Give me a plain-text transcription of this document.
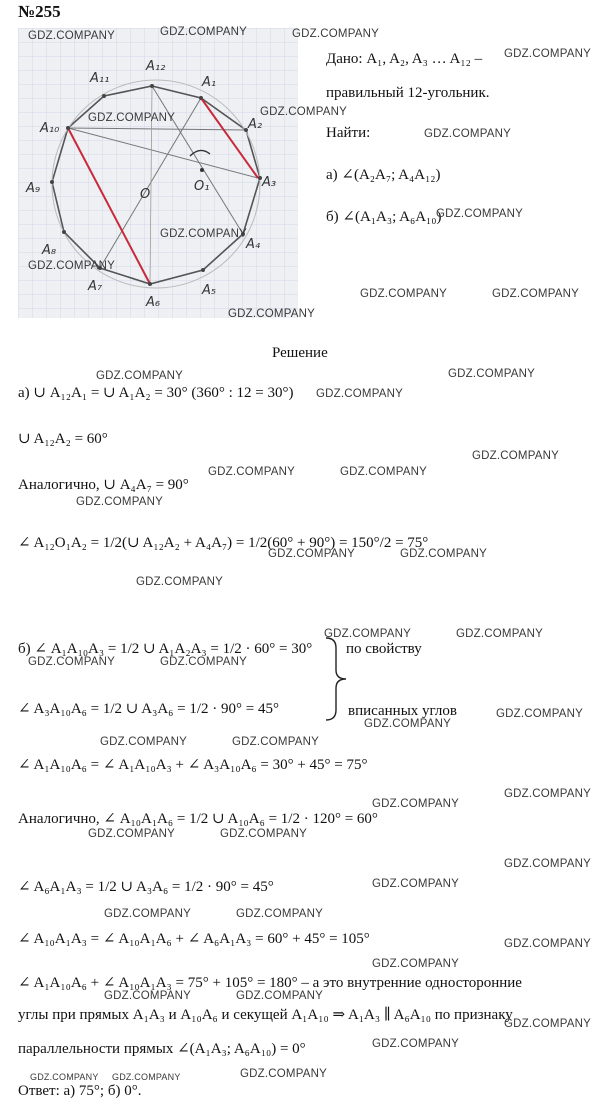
№255
A₁₁
A₁₂
A₁
A₂
A₃
A₄
A₅
A₆
A₇
A₈
A₉
A₁₀
O
O₁
Дано: A₁, A₂, A₃ … A₁₂ –
правильный 12-угольник.
Найти:
а) ∠(A₂A₇; A₄A₁₂)
б) ∠(A₁A₃; A₆A₁₀)
Решение
а) ∪ A₁₂A₁ = ∪ A₁A₂ = 30° (360° : 12 = 30°)
∪ A₁₂A₂ = 60°
Аналогично, ∪ A₄A₇ = 90°
∠ A₁₂O₁A₂ = 1/2(∪ A₁₂A₂ + A₄A₇) = 1/2(60° + 90°) = 150°/2 = 75°
б) ∠ A₁A₁₀A₃ = 1/2 ∪ A₁A₂A₃ = 1/2 · 60° = 30°
∠ A₃A₁₀A₆ = 1/2 ∪ A₃A₆ = 1/2 · 90° = 45°
∠ A₁A₁₀A₆ = ∠ A₁A₁₀A₃ + ∠ A₃A₁₀A₆ = 30° + 45° = 75°
Аналогично, ∠ A₁₀A₁A₆ = 1/2 ∪ A₁₀A₆ = 1/2 · 120° = 60°
∠ A₆A₁A₃ = 1/2 ∪ A₃A₆ = 1/2 · 90° = 45°
∠ A₁₀A₁A₃ = ∠ A₁₀A₁A₆ + ∠ A₆A₁A₃ = 60° + 45° = 105°
∠ A₁A₁₀A₆ + ∠ A₁₀A₁A₃ = 75° + 105° = 180° – а это внутренние односторонние
углы при прямых A₁A₃ и A₁₀A₆ и секущей A₁A₁₀ ⇒ A₁A₃ ∥ A₆A₁₀ по признаку
параллельности прямых ∠(A₁A₃; A₆A₁₀) = 0°
Ответ: а) 75°; б) 0°.
по свойству
вписанных углов
GDZ.COMPANY	GDZ.COMPANY	GDZ.COMPANY
GDZ.COMPANY
GDZ.COMPANY	GDZ.COMPANY
GDZ.COMPANY
GDZ.COMPANY
GDZ.COMPANY
GDZ.COMPANY
GDZ.COMPANY	GDZ.COMPANY
GDZ.COMPANY
GDZ.COMPANY	GDZ.COMPANY
GDZ.COMPANY
GDZ.COMPANY
GDZ.COMPANY	GDZ.COMPANY
GDZ.COMPANY
GDZ.COMPANY	GDZ.COMPANY
GDZ.COMPANY
GDZ.COMPANY	GDZ.COMPANY
GDZ.COMPANY	GDZ.COMPANY
GDZ.COMPANY
GDZ.COMPANY
GDZ.COMPANY	GDZ.COMPANY
GDZ.COMPANY
GDZ.COMPANY
GDZ.COMPANY	GDZ.COMPANY
GDZ.COMPANY
GDZ.COMPANY
GDZ.COMPANY	GDZ.COMPANY
GDZ.COMPANY
GDZ.COMPANY
GDZ.COMPANY	GDZ.COMPANY
GDZ.COMPANY
GDZ.COMPANY
GDZ.COMPANY GDZ.COMPANY	GDZ.COMPANY
